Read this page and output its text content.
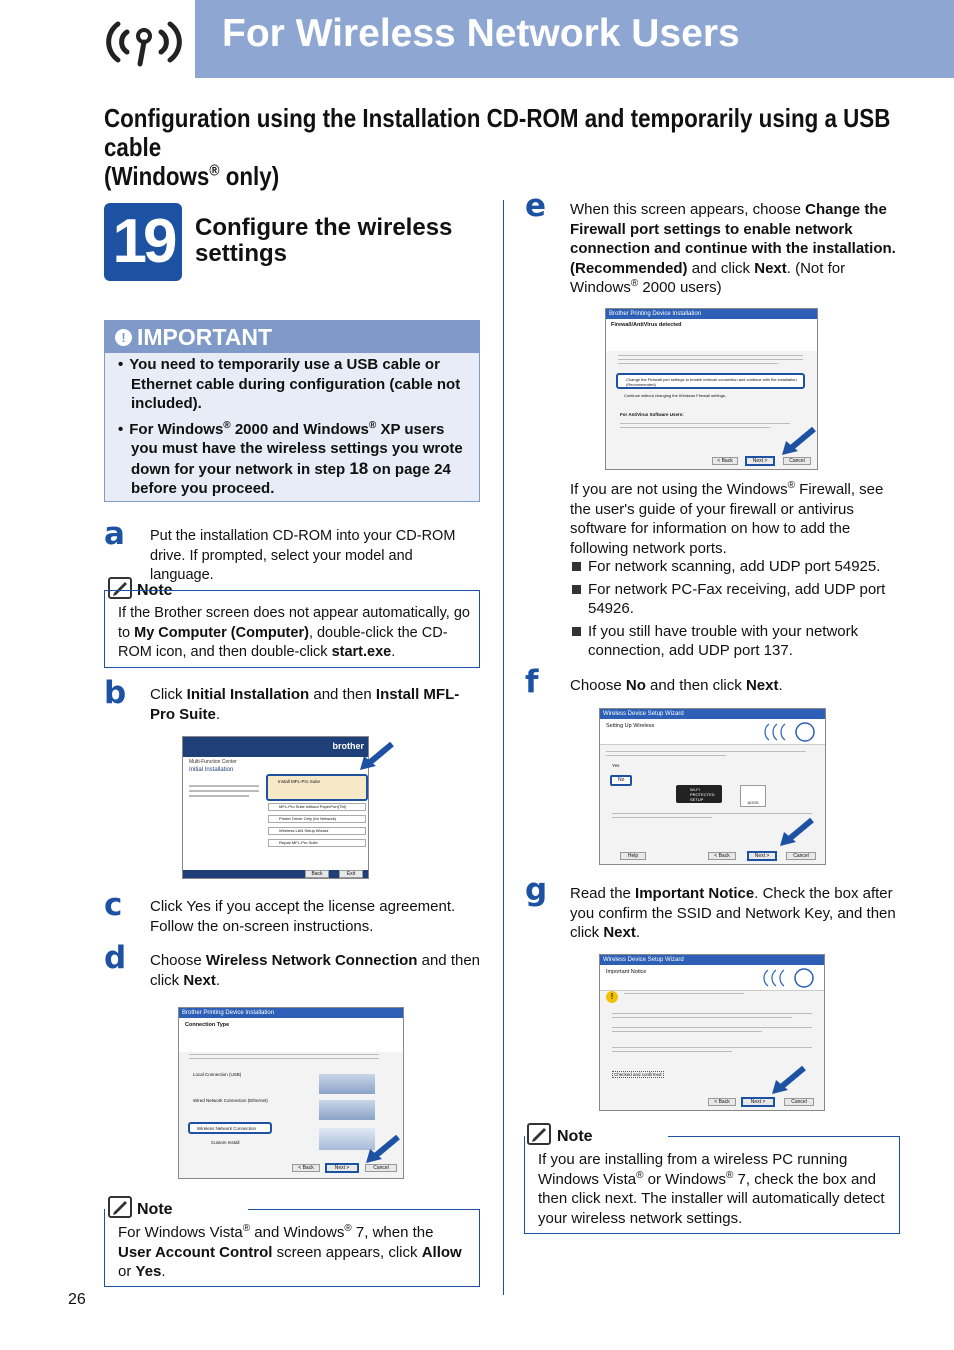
For Wireless Network Users
Configuration using the Installation CD-ROM and temporarily using a USB cable
(Windows® only)
19 Configure the wireless
settings
! IMPORTANT
• You need to temporarily use a USB cable or Ethernet cable during configuration (cable not included).
• For Windows® 2000 and Windows® XP users you must have the wireless settings you wrote down for your network in step 18 on page 24 before you proceed.
a Put the installation CD-ROM into your CD-ROM drive. If prompted, select your model and language.
Note
If the Brother screen does not appear automatically, go to My Computer (Computer), double-click the CD-ROM icon, and then double-click start.exe.
b Click Initial Installation and then Install MFL-Pro Suite.
brother
Multi-Function Center
Initial Installation
Install MFL-Pro Suite
MFL-Pro Suite without PaperPort(TM)
Printer Driver Only (for Network)
Wireless LAN Setup Wizard
Repair MFL-Pro Suite
Back	Exit
c Click Yes if you accept the license agreement. Follow the on-screen instructions.
d Choose Wireless Network Connection and then click Next.
Brother Printing Device Installation
Connection Type
Local Connection (USB)
Wired Network Connection (Ethernet)
Wireless Network Connection
Custom Install
< Back	Next >	Cancel
Note
For Windows Vista® and Windows® 7, when the User Account Control screen appears, click Allow or Yes.
e When this screen appears, choose Change the Firewall port settings to enable network connection and continue with the installation. (Recommended) and click Next. (Not for Windows® 2000 users)
Brother Printing Device Installation
Firewall/AntiVirus detected
Change the Firewall port settings to enable network connection and continue with the installation. (Recommended)
Continue without changing the Windows Firewall settings.
For AntiVirus Software Users:
< Back	Next >	Cancel
If you are not using the Windows® Firewall, see the user's guide of your firewall or antivirus software for information on how to add the following network ports.
For network scanning, add UDP port 54925.
For network PC-Fax receiving, add UDP port 54926.
If you still have trouble with your network connection, add UDP port 137.
f Choose No and then click Next.
Wireless Device Setup Wizard
Setting Up Wireless
Yes
No
WI-FI PROTECTED SETUP
AOSS
Help	< Back	Next >	Cancel
g Read the Important Notice. Check the box after you confirm the SSID and Network Key, and then click Next.
Wireless Device Setup Wizard
Important Notice
!
Checked and confirmed
< Back	Next >	Cancel
Note
If you are installing from a wireless PC running Windows Vista® or Windows® 7, check the box and then click next. The installer will automatically detect your wireless network settings.
26
